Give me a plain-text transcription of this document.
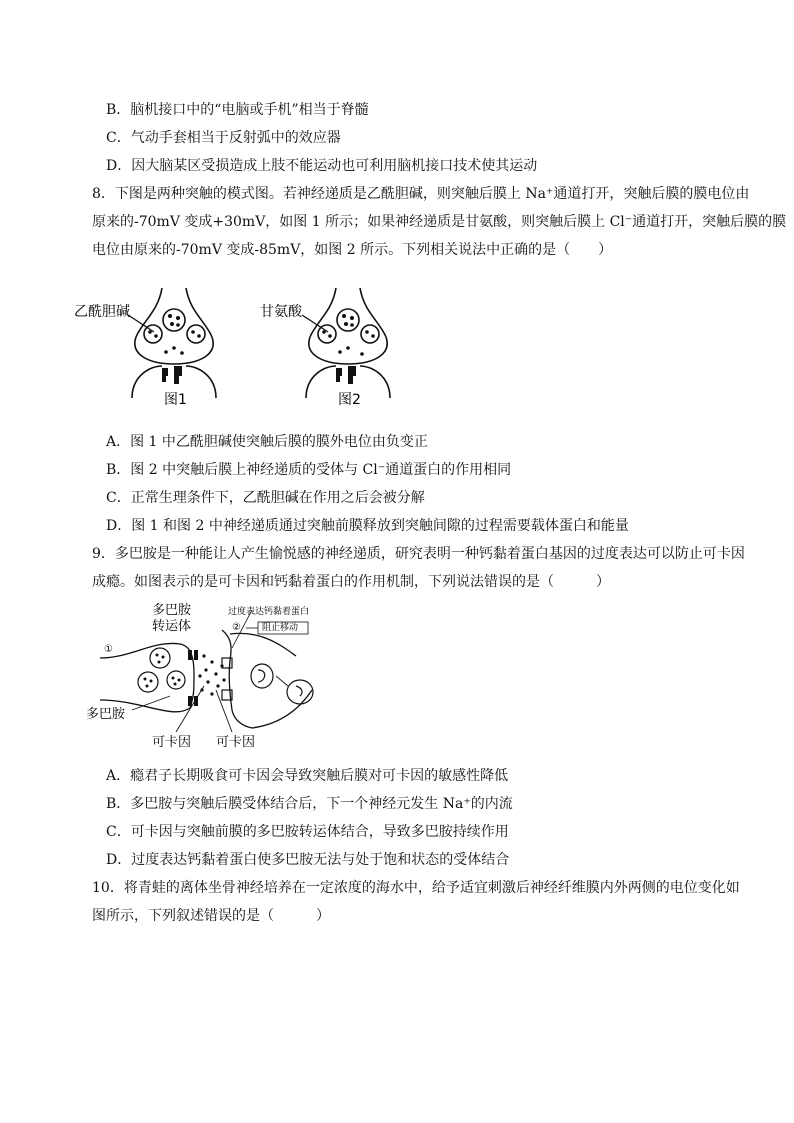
B．脑机接口中的“电脑或手机”相当于脊髓
C．气动手套相当于反射弧中的效应器
D．因大脑某区受损造成上肢不能运动也可利用脑机接口技术使其运动
8．下图是两种突触的模式图。若神经递质是乙酰胆碱，则突触后膜上 Na⁺通道打开，突触后膜的膜电位由
原来的-70mV 变成+30mV，如图 1 所示；如果神经递质是甘氨酸，则突触后膜上 Cl⁻通道打开，突触后膜的膜
电位由原来的-70mV 变成-85mV，如图 2 所示。下列相关说法中正确的是（　　）
乙酰胆碱
图1
甘氨酸
图2
A．图 1 中乙酰胆碱使突触后膜的膜外电位由负变正
B．图 2 中突触后膜上神经递质的受体与 Cl⁻通道蛋白的作用相同
C．正常生理条件下，乙酰胆碱在作用之后会被分解
D．图 1 和图 2 中神经递质通过突触前膜释放到突触间隙的过程需要载体蛋白和能量
9．多巴胺是一种能让人产生愉悦感的神经递质，研究表明一种钙黏着蛋白基因的过度表达可以防止可卡因
成瘾。如图表示的是可卡因和钙黏着蛋白的作用机制，下列说法错误的是（　　　）
多巴胺
转运体
过度表达钙黏着蛋白
阻止移动
②
①
多巴胺
可卡因 可卡因
A．瘾君子长期吸食可卡因会导致突触后膜对可卡因的敏感性降低
B．多巴胺与突触后膜受体结合后，下一个神经元发生 Na⁺的内流
C．可卡因与突触前膜的多巴胺转运体结合，导致多巴胺持续作用
D．过度表达钙黏着蛋白使多巴胺无法与处于饱和状态的受体结合
10．将青蛙的离体坐骨神经培养在一定浓度的海水中，给予适宜刺激后神经纤维膜内外两侧的电位变化如
图所示，下列叙述错误的是（　　　）
